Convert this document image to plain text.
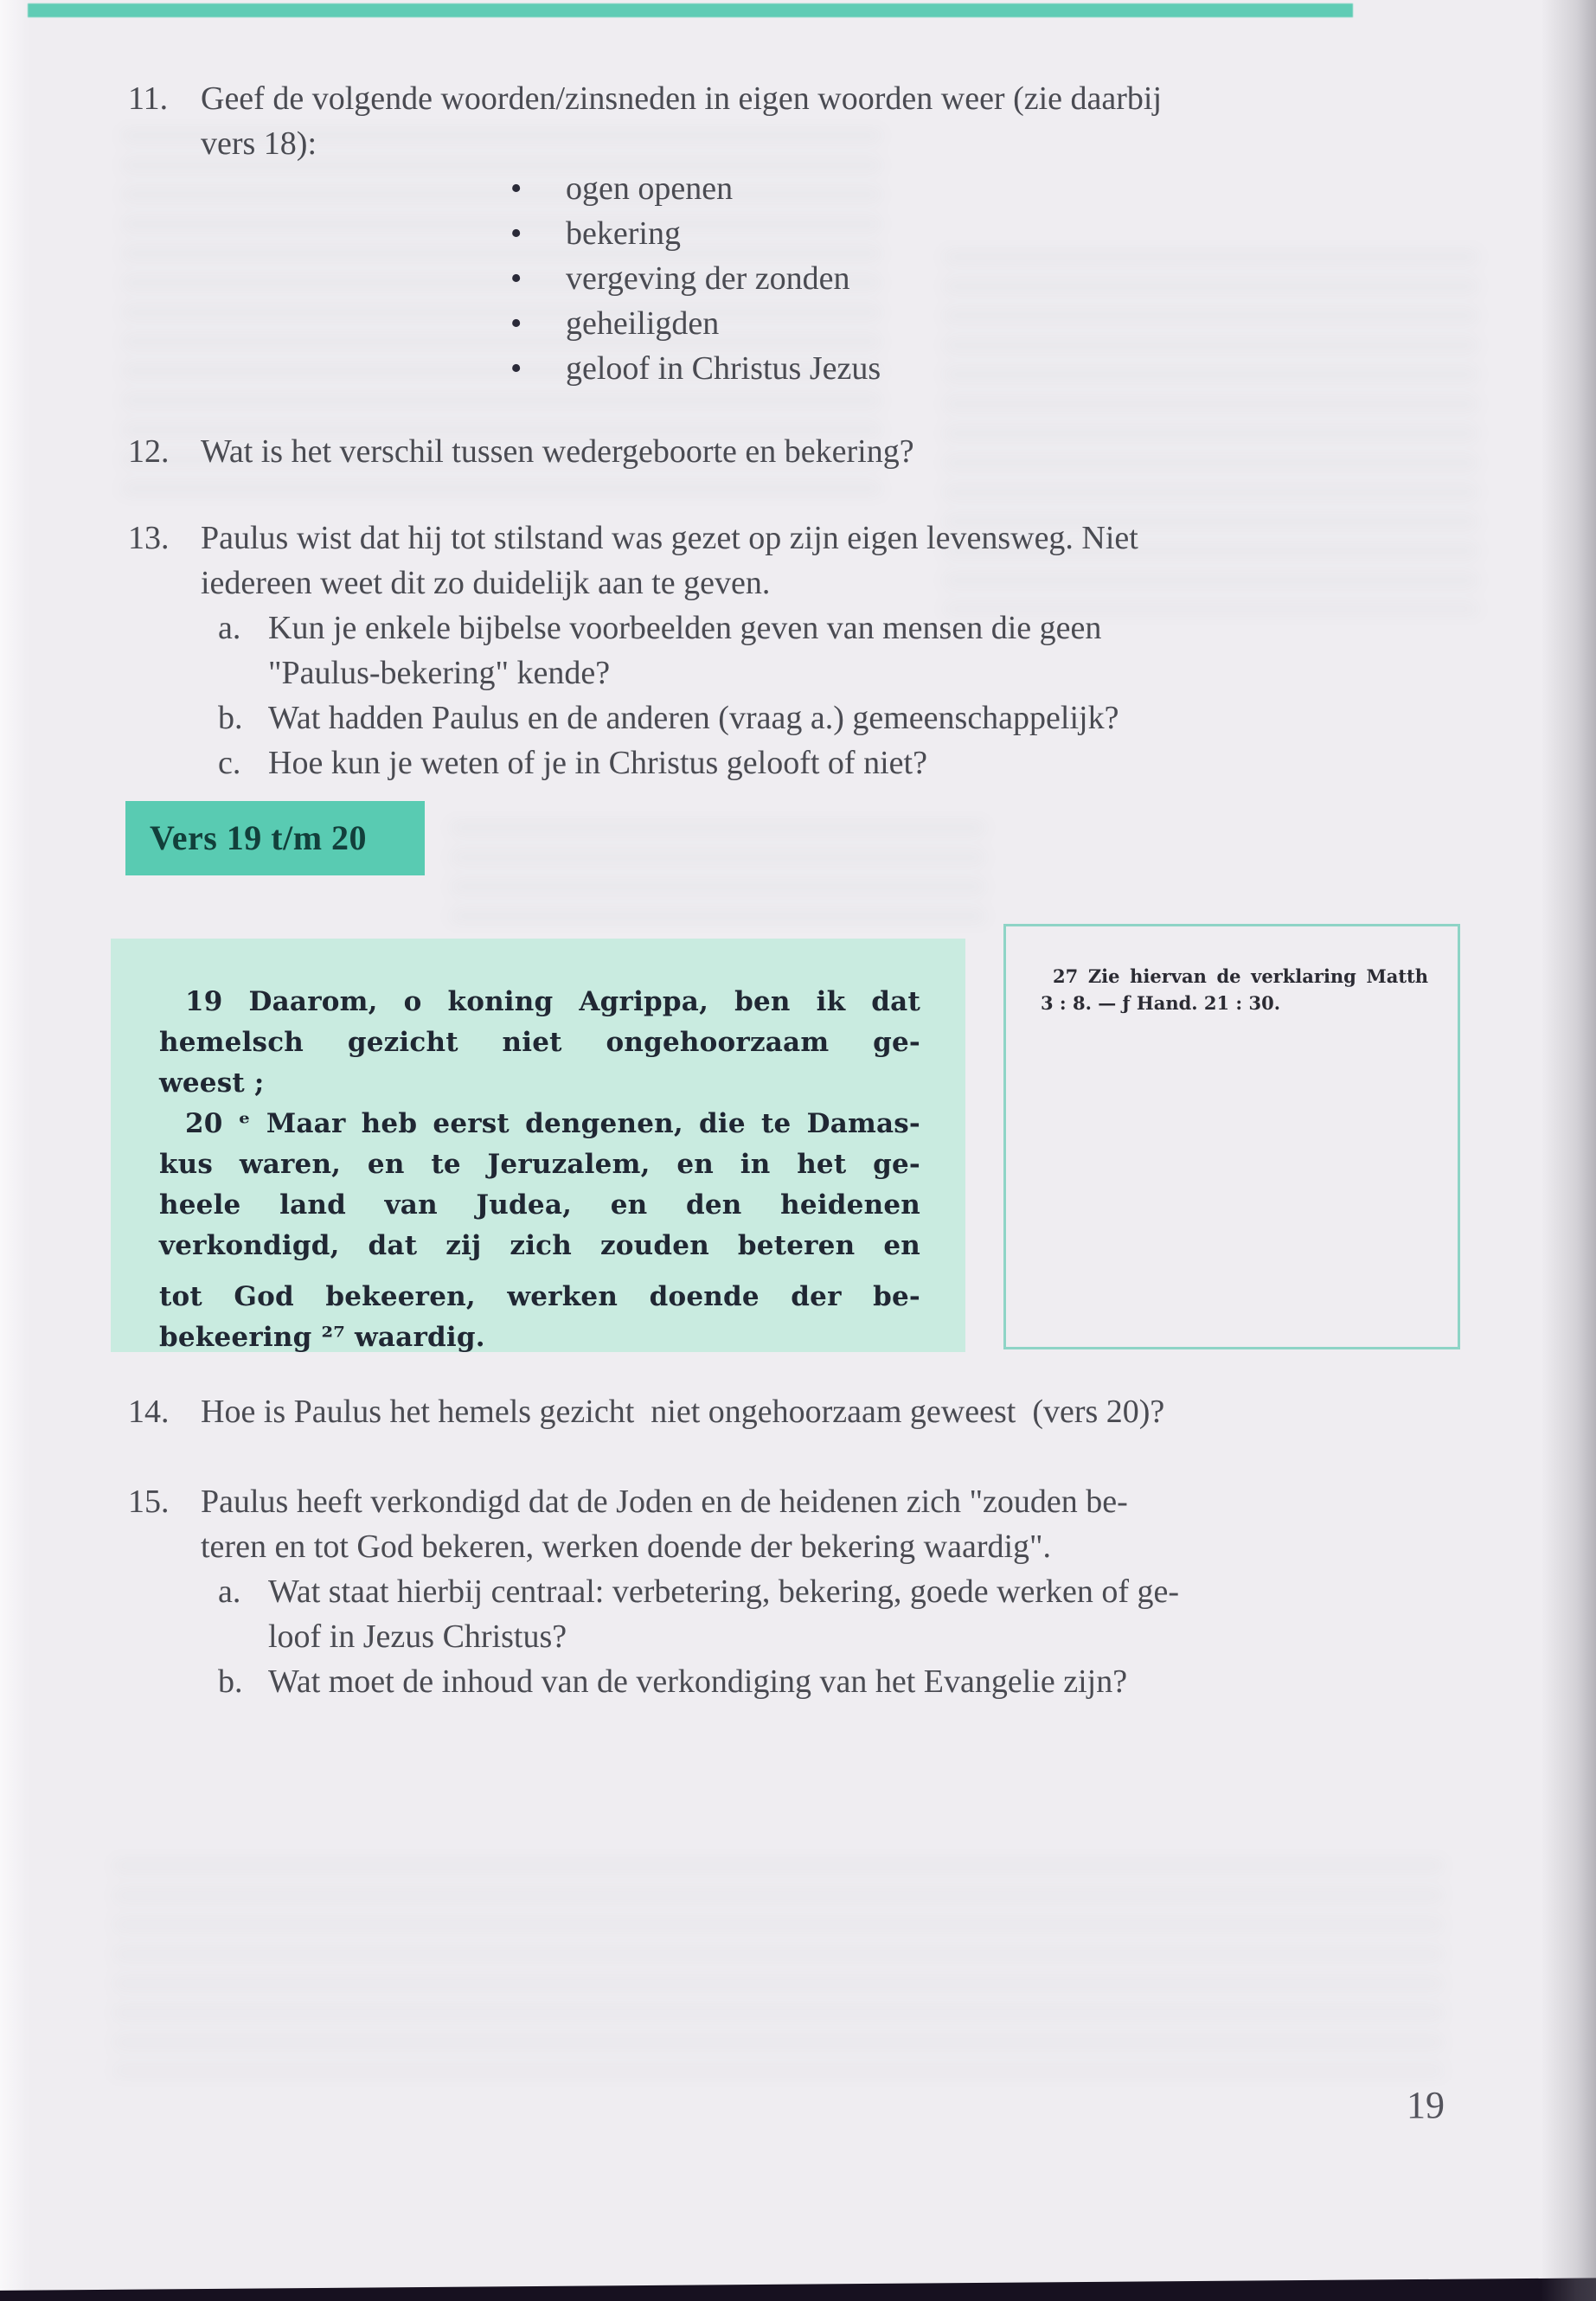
11. Geef de volgende woorden/zinsneden in eigen woorden weer (zie daarbij
vers 18):
• ogen openen
• bekering
• vergeving der zonden
• geheiligden
• geloof in Christus Jezus
12. Wat is het verschil tussen wedergeboorte en bekering?
13. Paulus wist dat hij tot stilstand was gezet op zijn eigen levensweg. Niet
iedereen weet dit zo duidelijk aan te geven.
a. Kun je enkele bijbelse voorbeelden geven van mensen die geen
"Paulus-bekering" kende?
b. Wat hadden Paulus en de anderen (vraag a.) gemeenschappelijk?
c. Hoe kun je weten of je in Christus gelooft of niet?
14. Hoe is Paulus het hemels gezicht  niet ongehoorzaam geweest  (vers 20)?
15. Paulus heeft verkondigd dat de Joden en de heidenen zich "zouden be-
teren en tot God bekeren, werken doende der bekering waardig".
a. Wat staat hierbij centraal: verbetering, bekering, goede werken of ge-
loof in Jezus Christus?
b. Wat moet de inhoud van de verkondiging van het Evangelie zijn?
Vers 19 t/m 20
19 Daarom, o koning Agrippa, ben ik dat
hemelsch gezicht niet ongehoorzaam ge-
weest ;
20 ᵉ Maar heb eerst dengenen, die te Damas-
kus waren, en te Jeruzalem, en in het ge-
heele land van Judea, en den heidenen
verkondigd, dat zij zich zouden beteren en
tot God bekeeren, werken doende der be-
bekeering ²⁷ waardig.
27 Zie hiervan de verklaring Matth
3 : 8. — ƒ Hand. 21 : 30.
19
